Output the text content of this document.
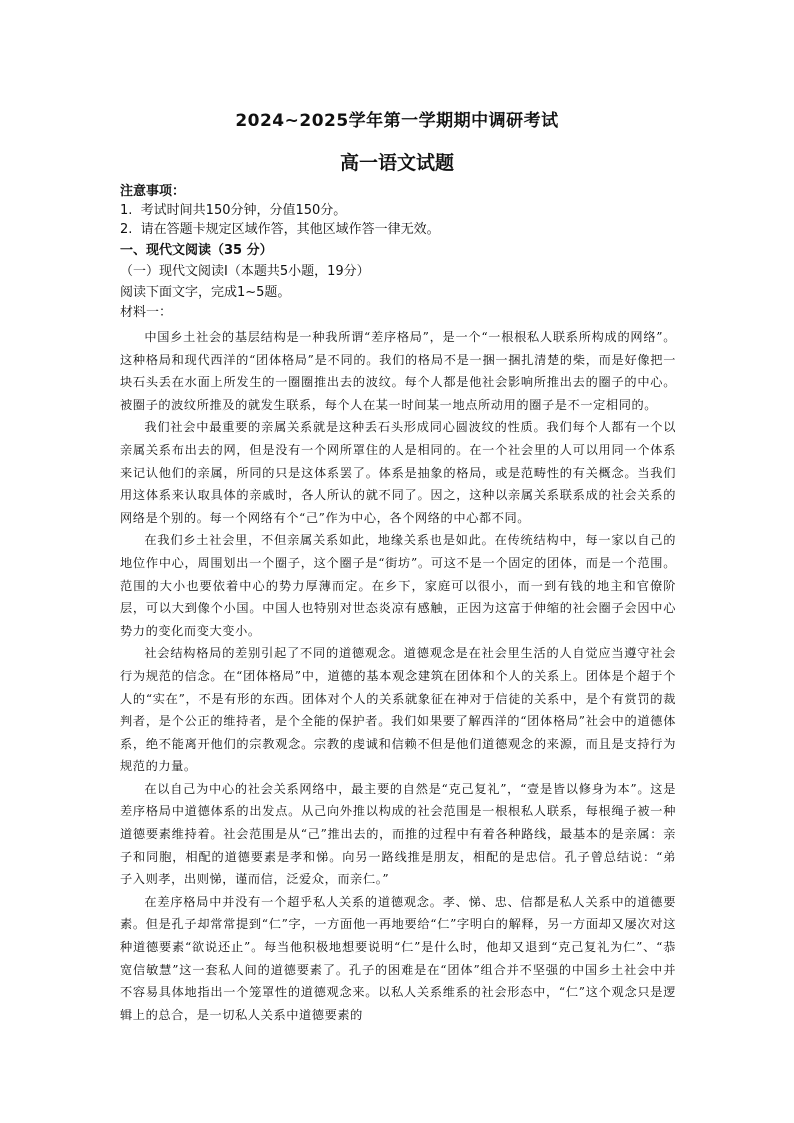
2024~2025学年第一学期期中调研考试
高一语文试题
注意事项：
1.  考试时间共150分钟，分值150分。
2.  请在答题卡规定区域作答，其他区域作答一律无效。
一、现代文阅读（35 分）
（一）现代文阅读Ⅰ（本题共5小题，19分）
阅读下面文字，完成1~5题。
材料一：

中国乡土社会的基层结构是一种我所谓“差序格局”，是一个“一根根私人联系所构成的网络”。这种格局和现代西洋的“团体格局”是不同的。我们的格局不是一捆一捆扎清楚的柴，而是好像把一块石头丢在水面上所发生的一圈圈推出去的波纹。每个人都是他社会影响所推出去的圈子的中心。被圈子的波纹所推及的就发生联系，每个人在某一时间某一地点所动用的圈子是不一定相同的。

我们社会中最重要的亲属关系就是这种丢石头形成同心圆波纹的性质。我们每个人都有一个以亲属关系布出去的网，但是没有一个网所罩住的人是相同的。在一个社会里的人可以用同一个体系来记认他们的亲属，所同的只是这体系罢了。体系是抽象的格局，或是范畴性的有关概念。当我们用这体系来认取具体的亲戚时，各人所认的就不同了。因之，这种以亲属关系联系成的社会关系的网络是个别的。每一个网络有个“己”作为中心，各个网络的中心都不同。

在我们乡土社会里，不但亲属关系如此，地缘关系也是如此。在传统结构中，每一家以自己的地位作中心，周围划出一个圈子，这个圈子是“街坊”。可这不是一个固定的团体，而是一个范围。范围的大小也要依着中心的势力厚薄而定。在乡下，家庭可以很小，而一到有钱的地主和官僚阶层，可以大到像个小国。中国人也特别对世态炎凉有感触，正因为这富于伸缩的社会圈子会因中心势力的变化而变大变小。

社会结构格局的差别引起了不同的道德观念。道德观念是在社会里生活的人自觉应当遵守社会行为规范的信念。在“团体格局”中，道德的基本观念建筑在团体和个人的关系上。团体是个超于个人的“实在”，不是有形的东西。团体对个人的关系就象征在神对于信徒的关系中，是个有赏罚的裁判者，是个公正的维持者，是个全能的保护者。我们如果要了解西洋的“团体格局”社会中的道德体系，绝不能离开他们的宗教观念。宗教的虔诚和信赖不但是他们道德观念的来源，而且是支持行为规范的力量。

在以自己为中心的社会关系网络中，最主要的自然是“克己复礼”，“壹是皆以修身为本”。这是差序格局中道德体系的出发点。从己向外推以构成的社会范围是一根根私人联系，每根绳子被一种道德要素维持着。社会范围是从“己”推出去的，而推的过程中有着各种路线，最基本的是亲属：亲子和同胞，相配的道德要素是孝和悌。向另一路线推是朋友，相配的是忠信。孔子曾总结说：“弟子入则孝，出则悌，谨而信，泛爱众，而亲仁。”

在差序格局中并没有一个超乎私人关系的道德观念。孝、悌、忠、信都是私人关系中的道德要素。但是孔子却常常提到“仁”字，一方面他一再地要给“仁”字明白的解释，另一方面却又屡次对这种道德要素“欲说还止”。每当他积极地想要说明“仁”是什么时，他却又退到“克己复礼为仁”、“恭宽信敏慧”这一套私人间的道德要素了。孔子的困难是在“团体”组合并不坚强的中国乡土社会中并不容易具体地指出一个笼罩性的道德观念来。以私人关系维系的社会形态中，“仁”这个观念只是逻辑上的总合，是一切私人关系中道德要素的
